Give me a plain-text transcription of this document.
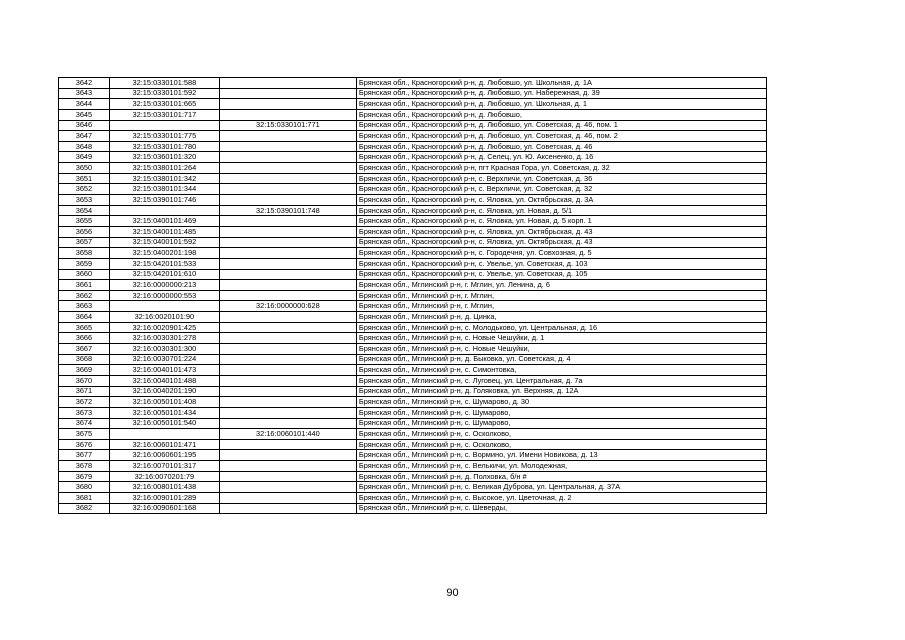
3642	32:15:0330101:588		Брянская обл., Красногорский р-н, д. Любовшо, ул. Школьная, д. 1А
3643	32:15:0330101:592		Брянская обл., Красногорский р-н, д. Любовшо, ул. Набережная, д. 39
3644	32:15:0330101:665		Брянская обл., Красногорский р-н, д. Любовшо, ул. Школьная, д. 1
3645	32:15:0330101:717		Брянская обл., Красногорский р-н, д. Любовшо,
3646		32:15:0330101:771	Брянская обл., Красногорский р-н, д. Любовшо, ул. Советская, д. 46, пом. 1
3647	32:15:0330101:775		Брянская обл., Красногорский р-н, д. Любовшо, ул. Советская, д. 46, пом. 2
3648	32:15:0330101:780		Брянская обл., Красногорский р-н, д. Любовшо, ул. Советская, д. 46
3649	32:15:0360101:320		Брянская обл., Красногорский р-н, д. Селец, ул. Ю. Аксененко, д. 16
3650	32:15:0380101:264		Брянская обл., Красногорский р-н, пгт Красная Гора, ул. Советская, д. 32
3651	32:15:0380101:342		Брянская обл., Красногорский р-н, с. Верхличи, ул. Советская, д. 36
3652	32:15:0380101:344		Брянская обл., Красногорский р-н, с. Верхличи, ул. Советская, д. 32
3653	32:15:0390101:746		Брянская обл., Красногорский р-н, с. Яловка, ул. Октябрьская, д. 3А
3654		32:15:0390101:748	Брянская обл., Красногорский р-н, с. Яловка, ул. Новая, д. 5/1
3655	32:15:0400101:469		Брянская обл., Красногорский р-н, с. Яловка, ул. Новая, д. 5 корп. 1
3656	32:15:0400101:485		Брянская обл., Красногорский р-н, с. Яловка, ул. Октябрьская, д. 43
3657	32:15:0400101:592		Брянская обл., Красногорский р-н, с. Яловка, ул. Октябрьская, д. 43
3658	32:15:0400201:198		Брянская обл., Красногорский р-н, с. Городечня, ул. Совхозная, д. 5
3659	32:15:0420101:533		Брянская обл., Красногорский р-н, с. Увелье, ул. Советская, д. 103
3660	32:15:0420101:610		Брянская обл., Красногорский р-н, с. Увелье, ул. Советская, д. 105
3661	32:16:0000000:213		Брянская обл., Мглинский р-н, г. Мглин, ул. Ленина, д. 6
3662	32:16:0000000:553		Брянская обл., Мглинский р-н, г. Мглин,
3663		32:16:0000000:628	Брянская обл., Мглинский р-н, г. Мглин,
3664	32:16:0020101:90		Брянская обл., Мглинский р-н, д. Цинка,
3665	32:16:0020901:425		Брянская обл., Мглинский р-н, с. Молодьково, ул. Центральная, д. 16
3666	32:16:0030301:278		Брянская обл., Мглинский р-н, с. Новые Чешуйки, д. 1
3667	32:16:0030301:300		Брянская обл., Мглинский р-н, с. Новые Чешуйки,
3668	32:16:0030701:224		Брянская обл., Мглинский р-н, д. Быковка, ул. Советская, д. 4
3669	32:16:0040101:473		Брянская обл., Мглинский р-н, с. Симонтовка,
3670	32:16:0040101:488		Брянская обл., Мглинский р-н, с. Луговец, ул. Центральная, д. 7а
3671	32:16:0040201:190		Брянская обл., Мглинский р-н, д. Голяковка, ул. Верхняя, д. 12А
3672	32:16:0050101:408		Брянская обл., Мглинский р-н, с. Шумарово, д. 30
3673	32:16:0050101:434		Брянская обл., Мглинский р-н, с. Шумарово,
3674	32:16:0050101:540		Брянская обл., Мглинский р-н, с. Шумарово,
3675		32:16:0060101:440	Брянская обл., Мглинский р-н, с. Осколково,
3676	32:16:0060101:471		Брянская обл., Мглинский р-н, с. Осколково,
3677	32:16:0060601:195		Брянская обл., Мглинский р-н, с. Вормино, ул. Имени Новикова, д. 13
3678	32:16:0070101:317		Брянская обл., Мглинский р-н, с. Велькичи, ул. Молодежная,
3679	32:16:0070201:79		Брянская обл., Мглинский р-н, д. Полховка, б/н #
3680	32:16:0080101:438		Брянская обл., Мглинский р-н, с. Великая Дуброва, ул. Центральная, д. 37А
3681	32:16:0090101:289		Брянская обл., Мглинский р-н, с. Высокое, ул. Цветочная, д. 2
3682	32:16:0090601:168		Брянская обл., Мглинский р-н, с. Шеверды,
90
